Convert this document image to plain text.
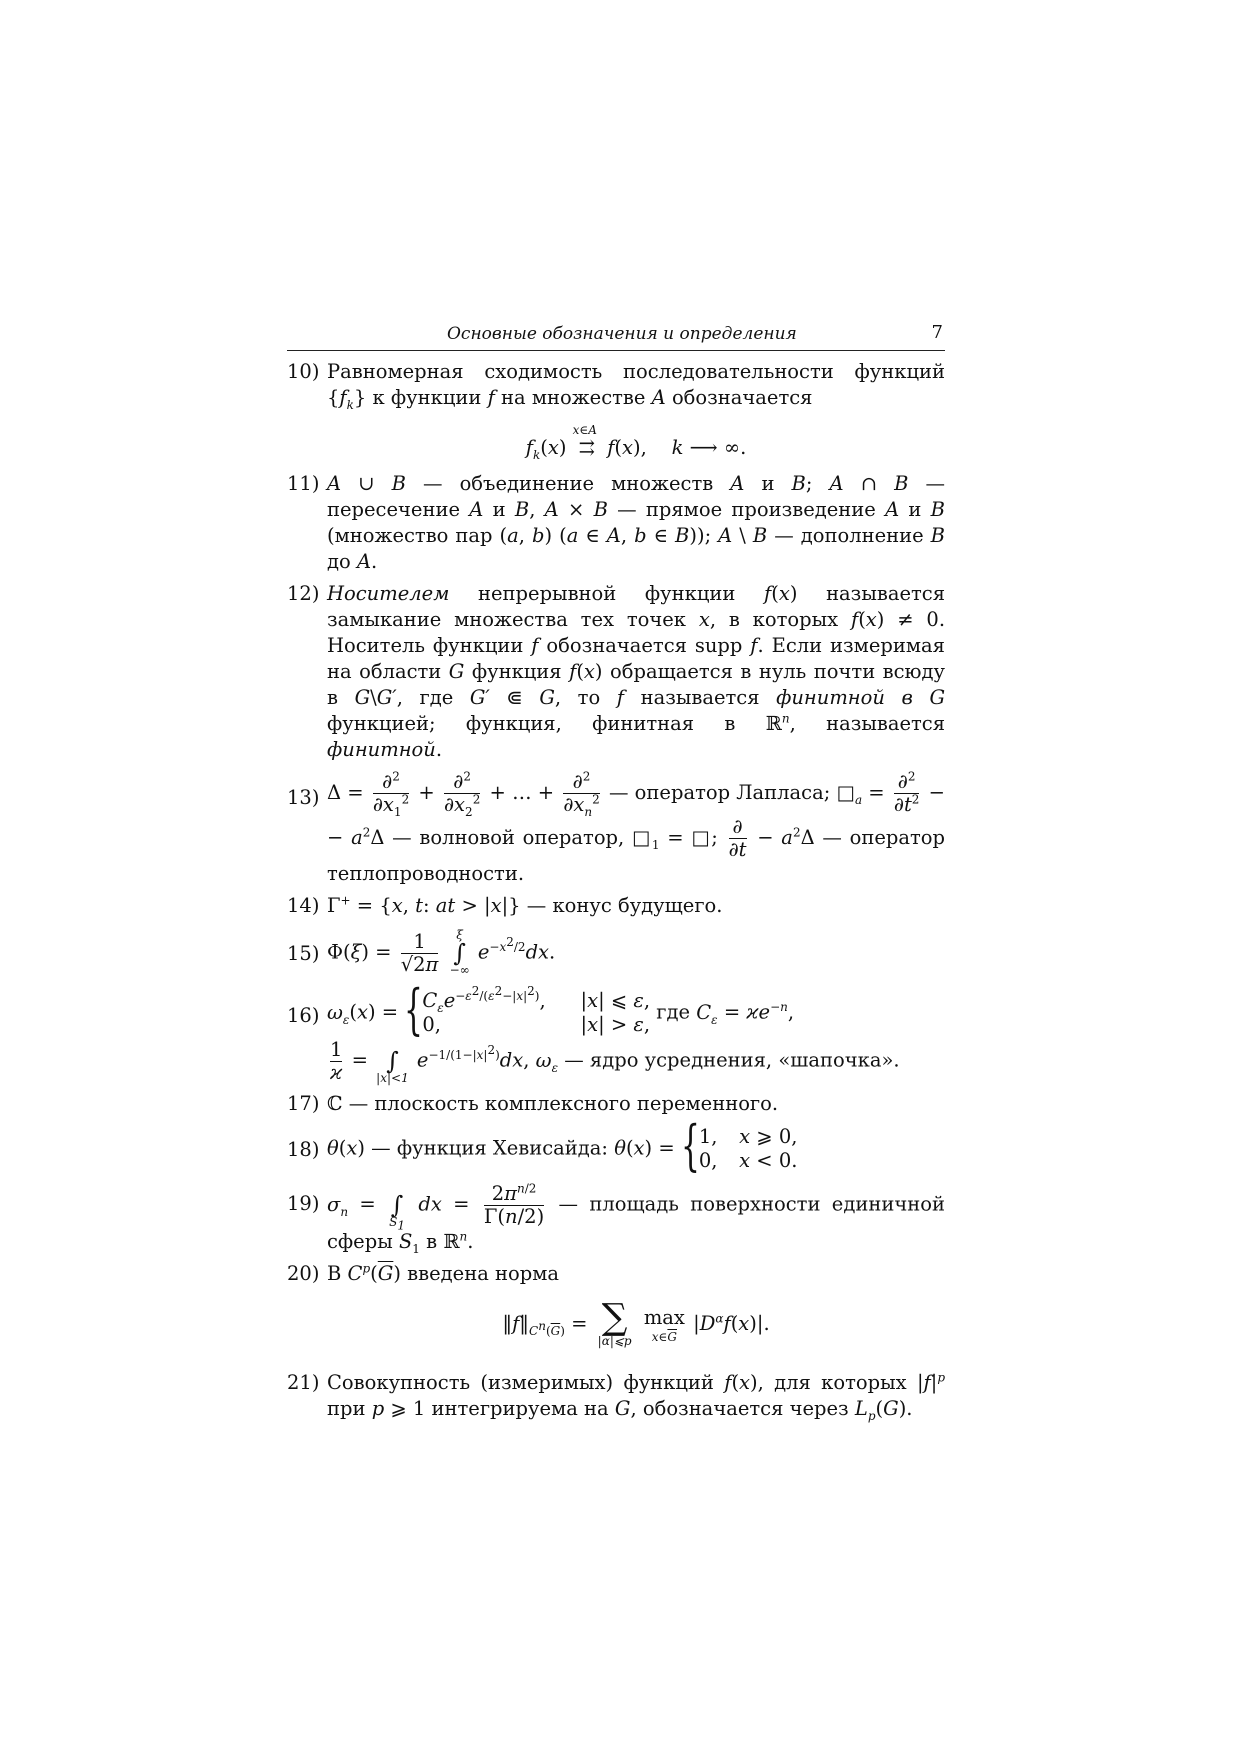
Основные обозначения и определения	7
10) Равномерная сходимость последовательности функций $\{f_k\}$ к функции f на множестве A обозначается

$f_k(x)$
x∈A
⇉ f(x),    k ⟶ ∞.
11) A ∪ B — объединение множеств A и B; A ∩ B — пересечение A и B, A × B — прямое произведение A и B (множество пар (a, b) (a ∈ A, b ∈ B)); A \ B — дополнение B до A.

12) Носителем непрерывной функции f(x) называется замыкание множества тех точек x, в которых f(x) ≠ 0. Носитель функции f обозначается supp f. Если измеримая на области G функция f(x) обращается в нуль почти всюду в G\G′, где G′ ⋐ G, то f называется финитной в G функцией; функция, финитная в ℝ$^n$, называется финитной.

13) $\Delta = \frac{\partial^2}{\partial x_1^2} + \frac{\partial^2}{\partial x_2^2}$ + … + $\frac{\partial^2}{\partial x_n^2}$ — оператор Лапласа; $□_a = \frac{\partial^2}{\partial t^2}$ −
− $a^2\Delta$ — волновой оператор, $□_1$ = □; $\frac{\partial}{\partial t} - a^2\Delta$ — оператор теплопроводности.

14) Γ+ = {x, t: at > |x|} — конус будущего.

15) $\Phi(\xi) = \frac{1}{√2\pi}$
	ξ
∫
−∞
$e^{-x^2/2}dx$.

16) $\omega_\varepsilon(x)$ = { $C_\varepsilon e^{-\varepsilon^2/(\varepsilon^2-|x|^2)}$, |x| ⩽ ε,
0,	|x| > ε,
где $C_\varepsilon = ϰe^{-n}$,

$\frac{1}{ϰ}$ =
∫
|x|<1
$e^{-1/(1-|x|^2)}dx$, $\omega_\varepsilon$ — ядро усреднения, «шапочка».

17) ℂ — плоскость комплексного переменного.

18) θ(x) — функция Хевисайда: θ(x) = { 1, x ⩾ 0,
0, x < 0.

19) $\sigma_n$ =
∫
$S_1$
dx = $\frac{2\pi^{n/2}}{\Gamma(n/2)}$ — площадь поверхности единичной сферы $S_1$ в ℝ$^n$.

20) В $C^p(\overline{G})$ введена норма

$‖f‖_{C^n(\overline{G})}$ = ∑
|α|⩽p
max
$x\in\overline{G}$
$|D^\alpha f(x)|$.
21) Совокупность (измеримых) функций f(x), для которых $|f|^p$ при p ⩾ 1 интегрируема на G, обозначается через $L_p(G)$.
